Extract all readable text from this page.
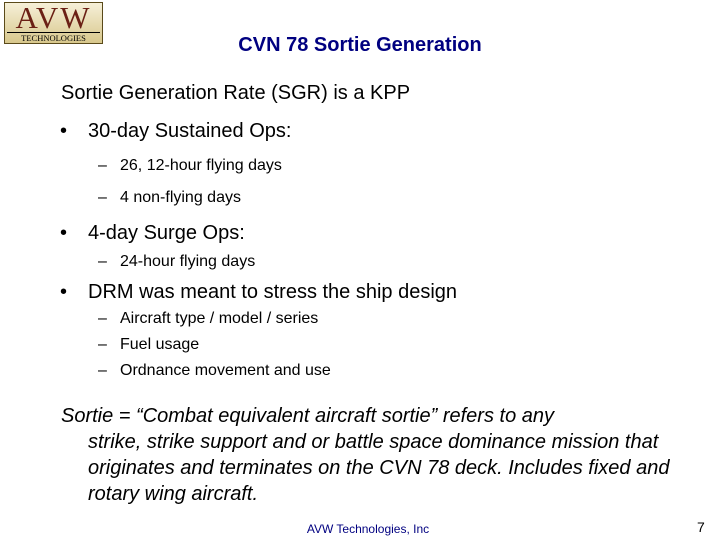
AVW
TECHNOLOGIES	CVN 78 Sortie Generation
Sortie Generation Rate (SGR) is a KPP
• 30-day Sustained Ops:
– 26, 12-hour flying days
– 4 non-flying days
• 4-day Surge Ops:
– 24-hour flying days
• DRM was meant to stress the ship design
– Aircraft type / model / series
– Fuel usage
– Ordnance movement and use
Sortie = “Combat equivalent aircraft sortie” refers to any
strike, strike support and or battle space dominance mission that originates and terminates on the CVN 78 deck. Includes fixed and rotary wing aircraft.
AVW Technologies, Inc	7
